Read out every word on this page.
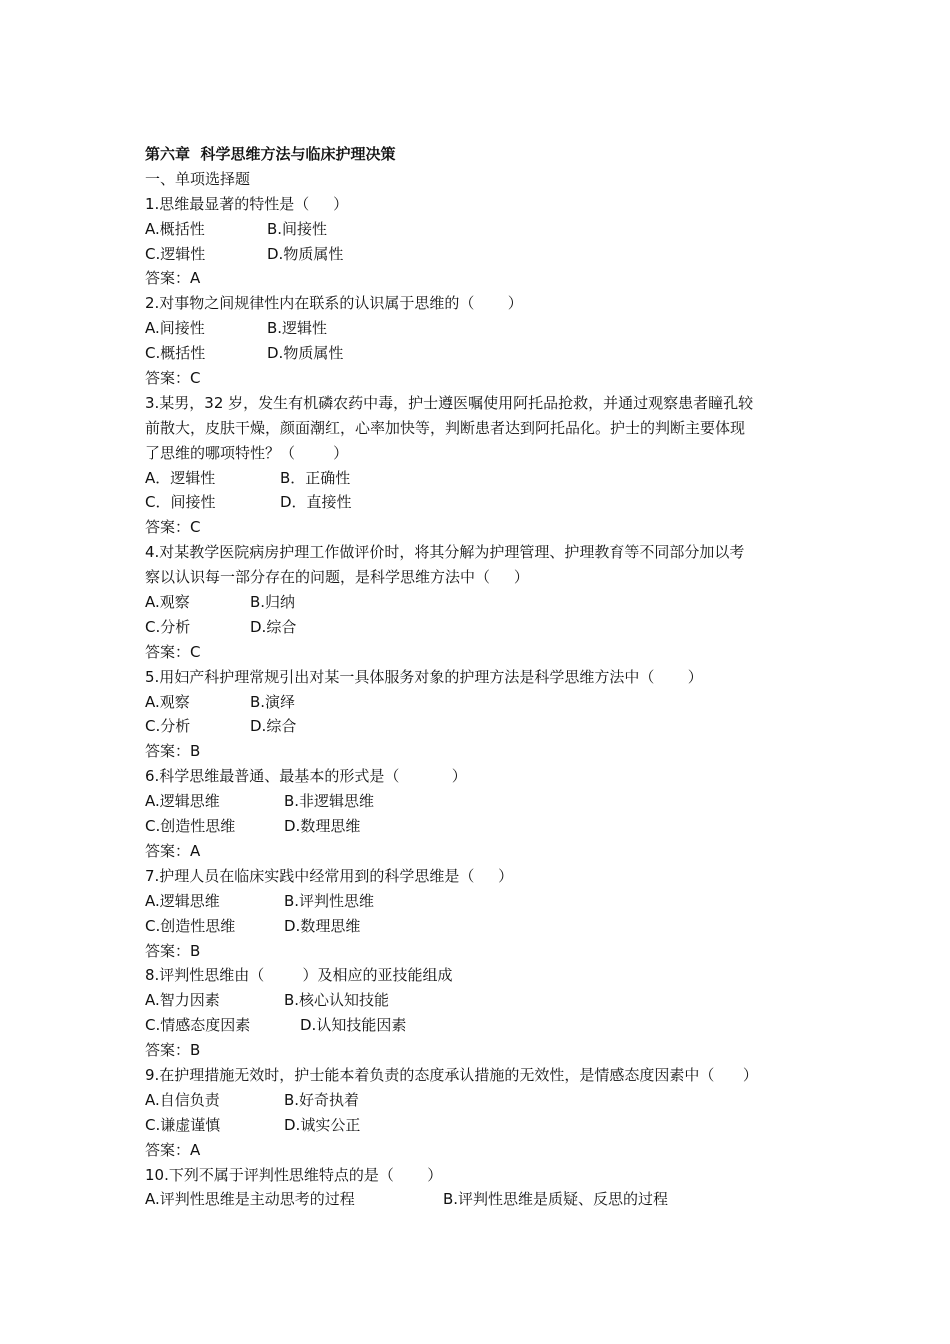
第六章  科学思维方法与临床护理决策
一、单项选择题
1.思维最显著的特性是（     ）
A.概括性	B.间接性
C.逻辑性	D.物质属性
答案：A
2.对事物之间规律性内在联系的认识属于思维的（       ）
A.间接性	B.逻辑性
C.概括性	D.物质属性
答案：C
3.某男，32 岁，发生有机磷农药中毒，护士遵医嘱使用阿托品抢救，并通过观察患者瞳孔较
前散大，皮肤干燥，颜面潮红，心率加快等，判断患者达到阿托品化。护士的判断主要体现
了思维的哪项特性？（        ）
A．逻辑性	B．正确性
C．间接性	D．直接性
答案：C
4.对某教学医院病房护理工作做评价时，将其分解为护理管理、护理教育等不同部分加以考
察以认识每一部分存在的问题，是科学思维方法中（     ）
A.观察	B.归纳
C.分析	D.综合
答案：C
5.用妇产科护理常规引出对某一具体服务对象的护理方法是科学思维方法中（       ）
A.观察	B.演绎
C.分析	D.综合
答案：B
6.科学思维最普通、最基本的形式是（           ）
A.逻辑思维	B.非逻辑思维
C.创造性思维	D.数理思维
答案：A
7.护理人员在临床实践中经常用到的科学思维是（     ）
A.逻辑思维	B.评判性思维
C.创造性思维	D.数理思维
答案：B
8.评判性思维由（        ）及相应的亚技能组成
A.智力因素	B.核心认知技能
C.情感态度因素	D.认知技能因素
答案：B
9.在护理措施无效时，护士能本着负责的态度承认措施的无效性，是情感态度因素中（      ）
A.自信负责	B.好奇执着
C.谦虚谨慎	D.诚实公正
答案：A
10.下列不属于评判性思维特点的是（       ）
A.评判性思维是主动思考的过程	B.评判性思维是质疑、反思的过程
